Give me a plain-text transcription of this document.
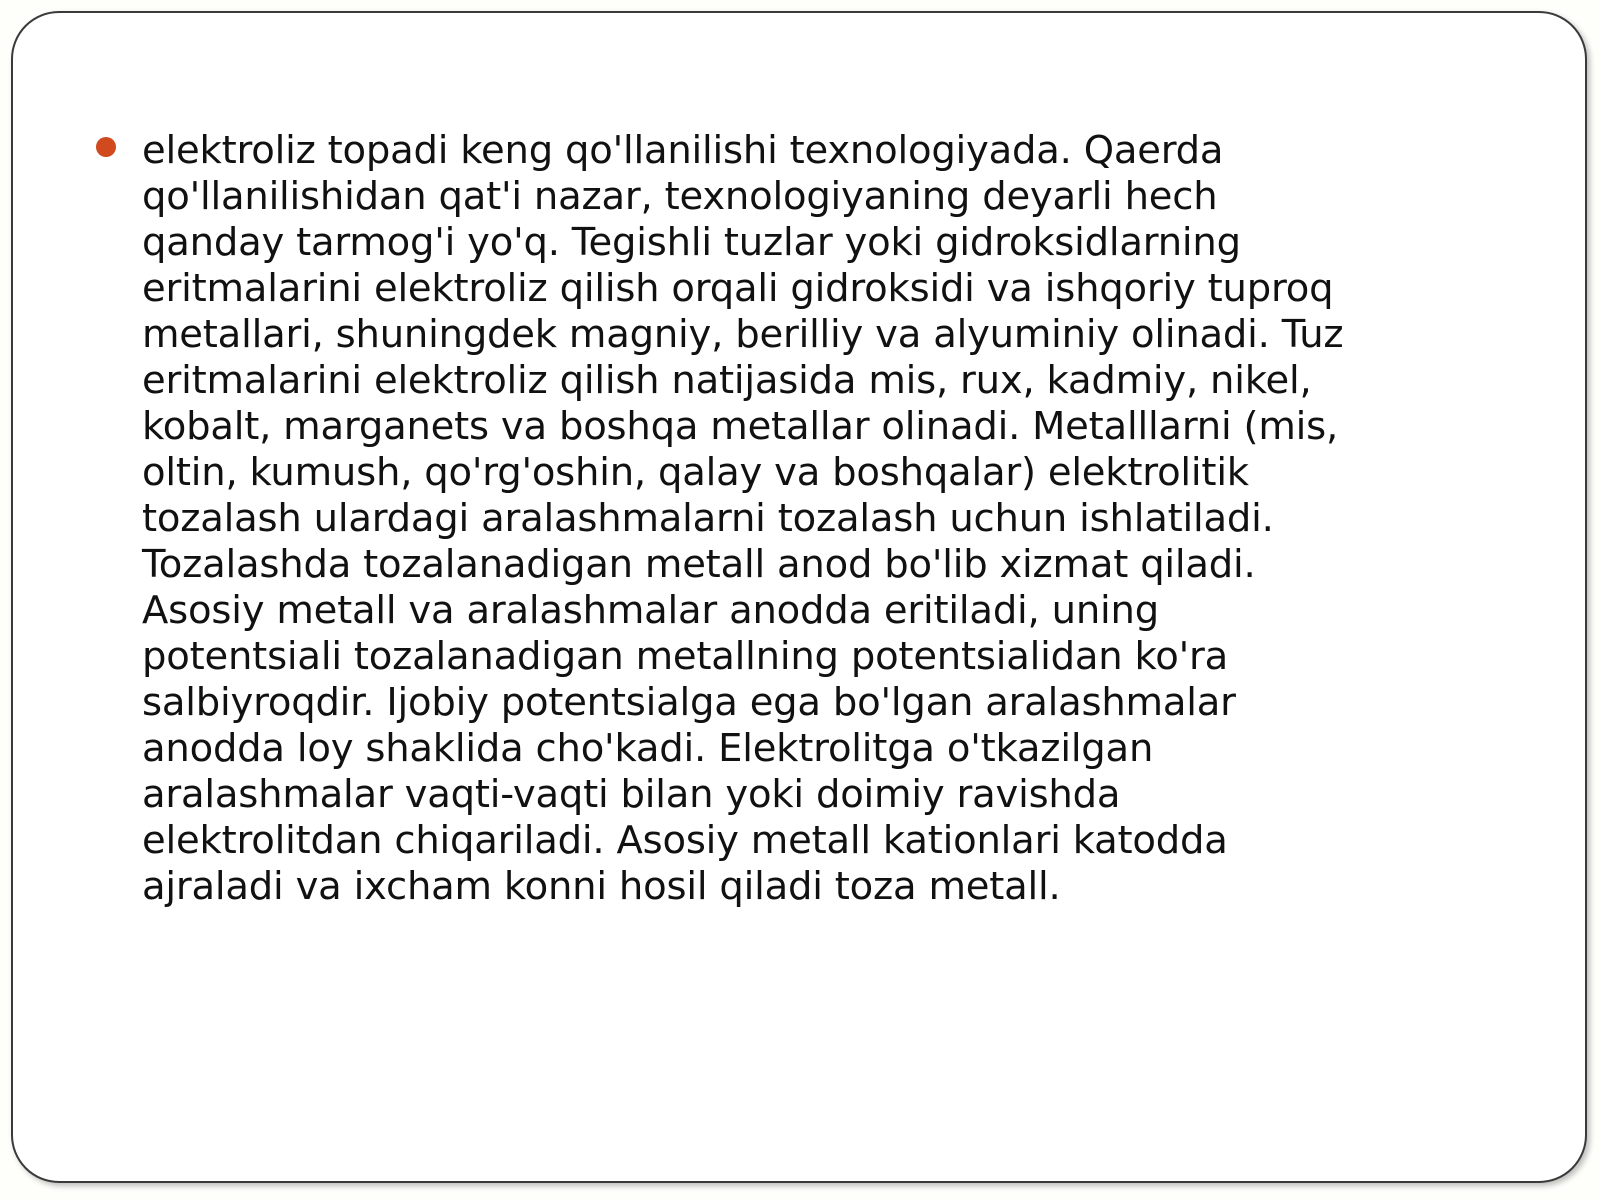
elektroliz topadi keng qo'llanilishi texnologiyada. Qaerda qo'llanilishidan qat'i nazar, texnologiyaning deyarli hech qanday tarmog'i yo'q. Tegishli tuzlar yoki gidroksidlarning eritmalarini elektroliz qilish orqali gidroksidi va ishqoriy tuproq metallari, shuningdek magniy, berilliy va alyuminiy olinadi. Tuz eritmalarini elektroliz qilish natijasida mis, rux, kadmiy, nikel, kobalt, marganets va boshqa metallar olinadi. Metalllarni (mis, oltin, kumush, qo'rg'oshin, qalay va boshqalar) elektrolitik tozalash ulardagi aralashmalarni tozalash uchun ishlatiladi. Tozalashda tozalanadigan metall anod bo'lib xizmat qiladi. Asosiy metall va aralashmalar anodda eritiladi, uning potentsiali tozalanadigan metallning potentsialidan ko'ra salbiyroqdir. Ijobiy potentsialga ega bo'lgan aralashmalar anodda loy shaklida cho'kadi. Elektrolitga o'tkazilgan aralashmalar vaqti-vaqti bilan yoki doimiy ravishda elektrolitdan chiqariladi. Asosiy metall kationlari katodda ajraladi va ixcham konni hosil qiladi toza metall.
